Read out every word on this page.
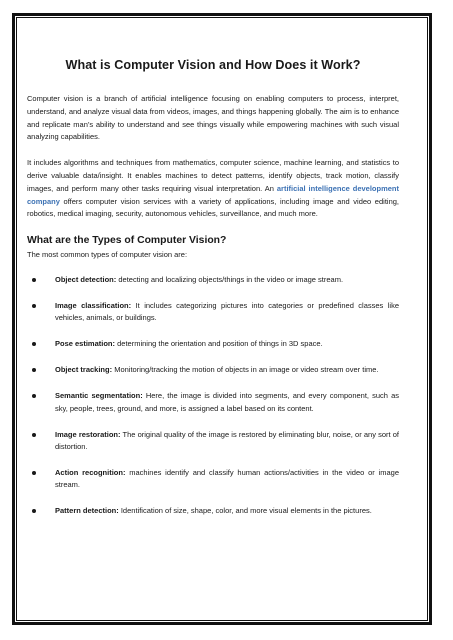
What is Computer Vision and How Does it Work?

Computer vision is a branch of artificial intelligence focusing on enabling computers to process, interpret, understand, and analyze visual data from videos, images, and things happening globally. The aim is to enhance and replicate man’s ability to understand and see things visually while empowering machines with such visual analyzing capabilities.

It includes algorithms and techniques from mathematics, computer science, machine learning, and statistics to derive valuable data/insight. It enables machines to detect patterns, identify objects, track motion, classify images, and perform many other tasks requiring visual interpretation. An artificial intelligence development company offers computer vision services with a variety of applications, including image and video editing, robotics, medical imaging, security, autonomous vehicles, surveillance, and much more.

What are the Types of Computer Vision?
The most common types of computer vision are:
Object detection: detecting and localizing objects/things in the video or image stream.
Image classification: It includes categorizing pictures into categories or predefined classes like vehicles, animals, or buildings.
Pose estimation: determining the orientation and position of things in 3D space.
Object tracking: Monitoring/tracking the motion of objects in an image or video stream over time.
Semantic segmentation: Here, the image is divided into segments, and every component, such as sky, people, trees, ground, and more, is assigned a label based on its content.
Image restoration: The original quality of the image is restored by eliminating blur, noise, or any sort of distortion.
Action recognition: machines identify and classify human actions/activities in the video or image stream.
Pattern detection: Identification of size, shape, color, and more visual elements in the pictures.
